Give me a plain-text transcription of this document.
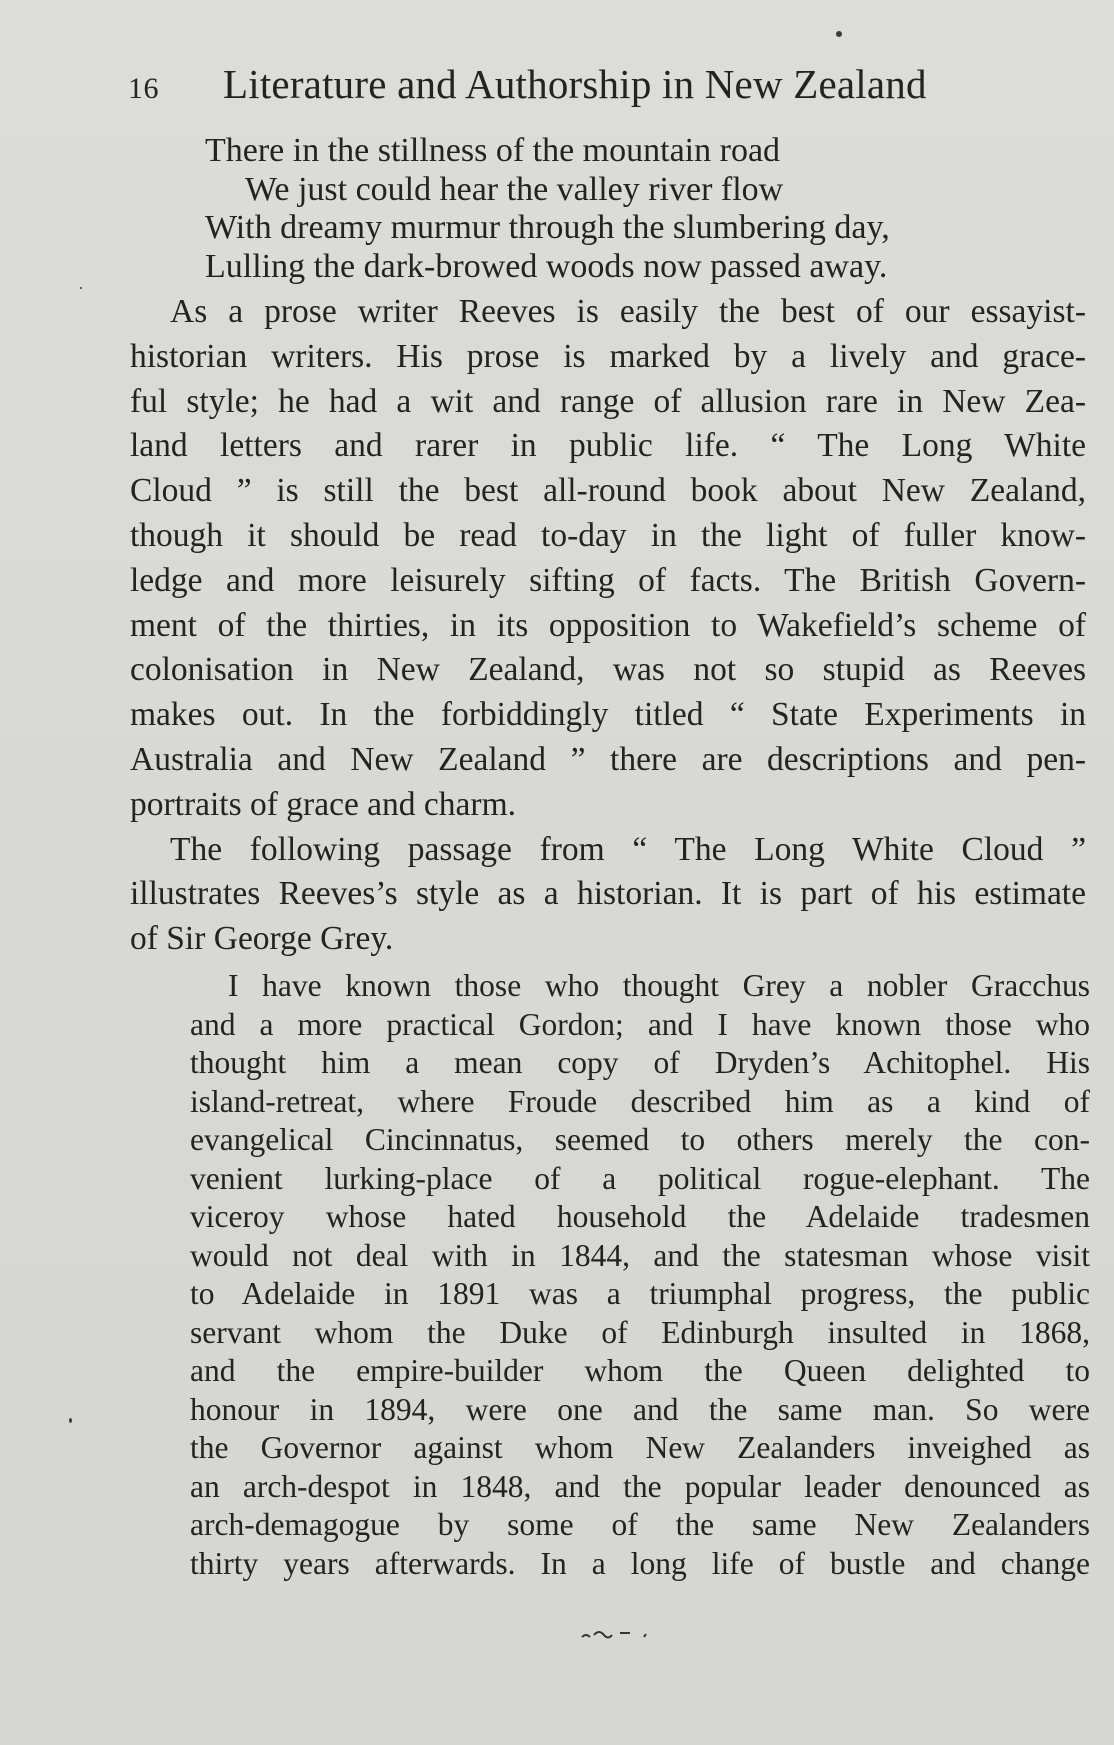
16 Literature and Authorship in New Zealand
There in the stillness of the mountain road
We just could hear the valley river flow
With dreamy murmur through the slumbering day,
Lulling the dark-browed woods now passed away.
As a prose writer Reeves is easily the best of our essayist-
historian writers. His prose is marked by a lively and grace-
ful style; he had a wit and range of allusion rare in New Zea-
land letters and rarer in public life. “ The Long White
Cloud ” is still the best all-round book about New Zealand,
though it should be read to-day in the light of fuller know-
ledge and more leisurely sifting of facts. The British Govern-
ment of the thirties, in its opposition to Wakefield’s scheme of
colonisation in New Zealand, was not so stupid as Reeves
makes out. In the forbiddingly titled “ State Experiments in
Australia and New Zealand ” there are descriptions and pen-
portraits of grace and charm.
The following passage from “ The Long White Cloud ”
illustrates Reeves’s style as a historian. It is part of his estimate
of Sir George Grey.
I have known those who thought Grey a nobler Gracchus
and a more practical Gordon; and I have known those who
thought him a mean copy of Dryden’s Achitophel. His
island-retreat, where Froude described him as a kind of
evangelical Cincinnatus, seemed to others merely the con-
venient lurking-place of a political rogue-elephant. The
viceroy whose hated household the Adelaide tradesmen
would not deal with in 1844, and the statesman whose visit
to Adelaide in 1891 was a triumphal progress, the public
servant whom the Duke of Edinburgh insulted in 1868,
and the empire-builder whom the Queen delighted to
honour in 1894, were one and the same man. So were
the Governor against whom New Zealanders inveighed as
an arch-despot in 1848, and the popular leader denounced as
arch-demagogue by some of the same New Zealanders
thirty years afterwards. In a long life of bustle and change
